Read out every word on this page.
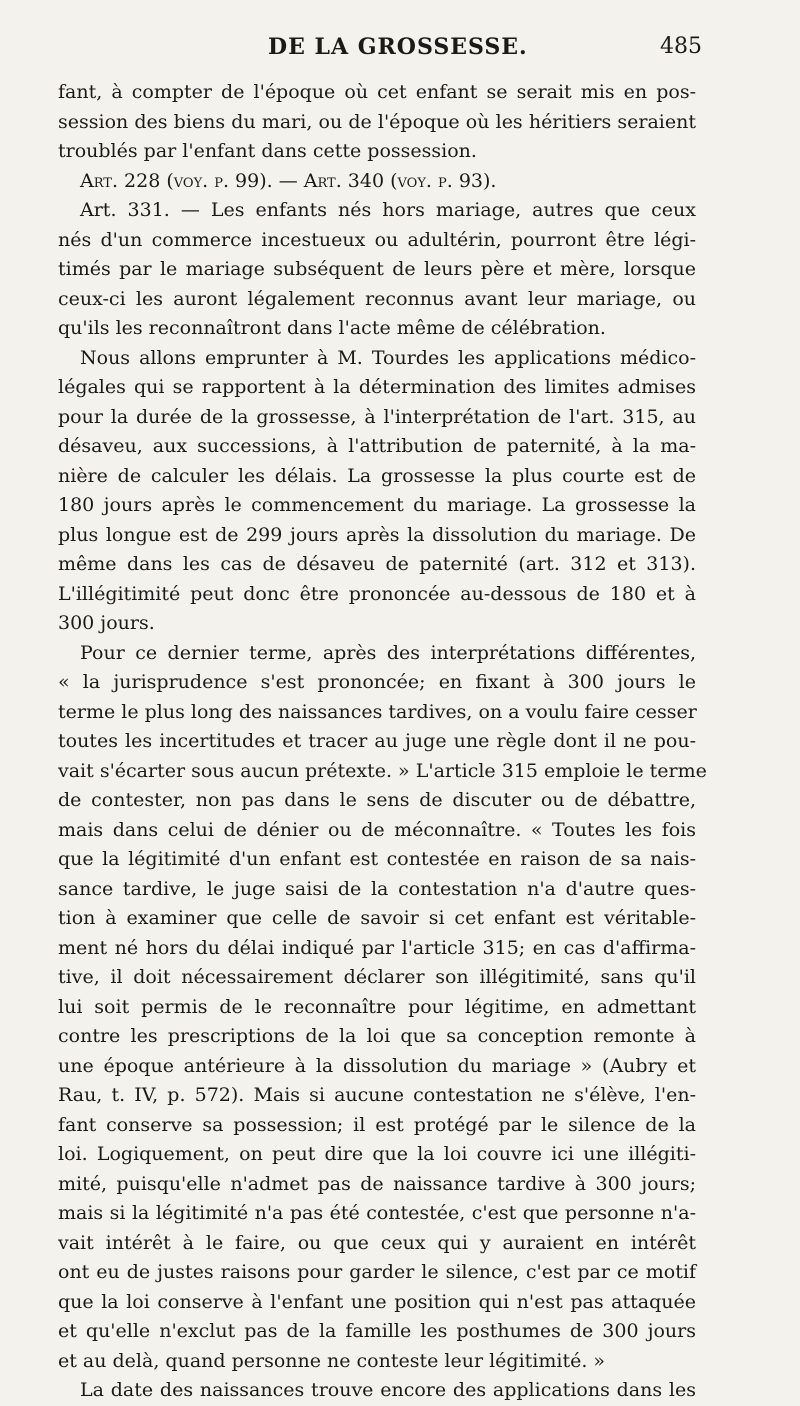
DE LA GROSSESSE.	485
fant, à compter de l'époque où cet enfant se serait mis en pos-
session des biens du mari, ou de l'époque où les héritiers seraient
troublés par l'enfant dans cette possession.
Art. 228 (voy. p. 99). — Art. 340 (voy. p. 93).
Art. 331. — Les enfants nés hors mariage, autres que ceux
nés d'un commerce incestueux ou adultérin, pourront être légi-
timés par le mariage subséquent de leurs père et mère, lorsque
ceux-ci les auront légalement reconnus avant leur mariage, ou
qu'ils les reconnaîtront dans l'acte même de célébration.
Nous allons emprunter à M. Tourdes les applications médico-
légales qui se rapportent à la détermination des limites admises
pour la durée de la grossesse, à l'interprétation de l'art. 315, au
désaveu, aux successions, à l'attribution de paternité, à la ma-
nière de calculer les délais. La grossesse la plus courte est de
180 jours après le commencement du mariage. La grossesse la
plus longue est de 299 jours après la dissolution du mariage. De
même dans les cas de désaveu de paternité (art. 312 et 313).
L'illégitimité peut donc être prononcée au-dessous de 180 et à
300 jours.
Pour ce dernier terme, après des interprétations différentes,
« la jurisprudence s'est prononcée; en fixant à 300 jours le
terme le plus long des naissances tardives, on a voulu faire cesser
toutes les incertitudes et tracer au juge une règle dont il ne pou-
vait s'écarter sous aucun prétexte. » L'article 315 emploie le terme
de contester, non pas dans le sens de discuter ou de débattre,
mais dans celui de dénier ou de méconnaître. « Toutes les fois
que la légitimité d'un enfant est contestée en raison de sa nais-
sance tardive, le juge saisi de la contestation n'a d'autre ques-
tion à examiner que celle de savoir si cet enfant est véritable-
ment né hors du délai indiqué par l'article 315; en cas d'affirma-
tive, il doit nécessairement déclarer son illégitimité, sans qu'il
lui soit permis de le reconnaître pour légitime, en admettant
contre les prescriptions de la loi que sa conception remonte à
une époque antérieure à la dissolution du mariage » (Aubry et
Rau, t. IV, p. 572). Mais si aucune contestation ne s'élève, l'en-
fant conserve sa possession; il est protégé par le silence de la
loi. Logiquement, on peut dire que la loi couvre ici une illégiti-
mité, puisqu'elle n'admet pas de naissance tardive à 300 jours;
mais si la légitimité n'a pas été contestée, c'est que personne n'a-
vait intérêt à le faire, ou que ceux qui y auraient en intérêt
ont eu de justes raisons pour garder le silence, c'est par ce motif
que la loi conserve à l'enfant une position qui n'est pas attaquée
et qu'elle n'exclut pas de la famille les posthumes de 300 jours
et au delà, quand personne ne conteste leur légitimité. »
La date des naissances trouve encore des applications dans les
